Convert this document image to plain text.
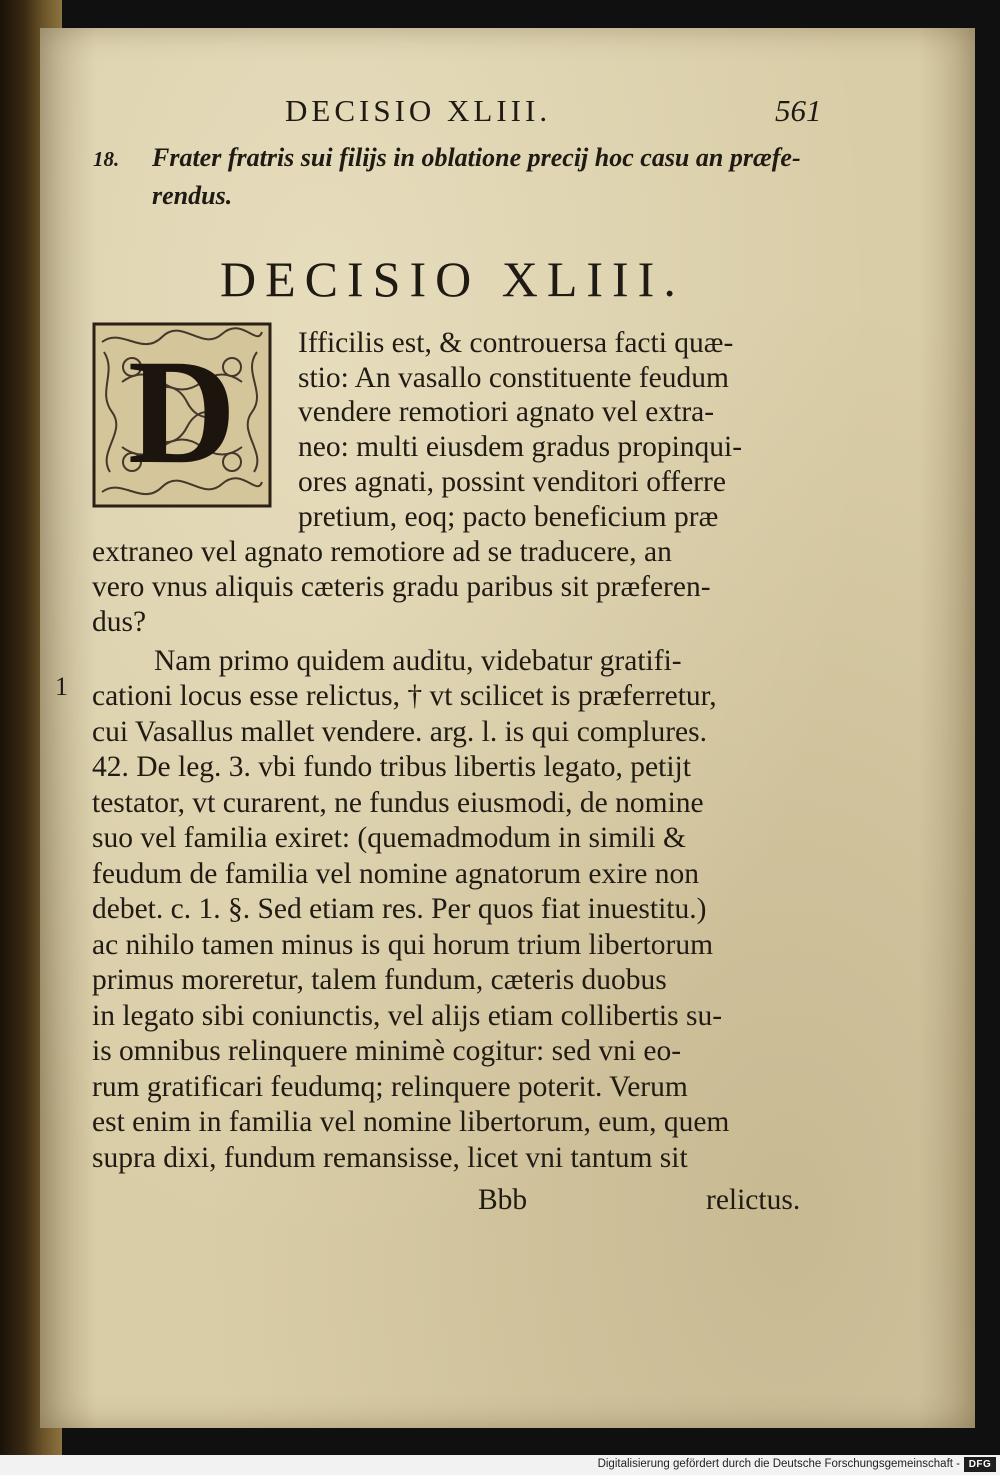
DECISIO XLIII.	561
18. Frater fratris sui filijs in oblatione precij hoc casu an præfe-
rendus.
DECISIO XLIII.
D
1
Ifficilis est, & controuersa facti quæ-
stio: An vasallo constituente feudum
vendere remotiori agnato vel extra-
neo: multi eiusdem gradus propinqui-
ores agnati, possint venditori offerre
pretium, eoq; pacto beneficium præ
extraneo vel agnato remotiore ad se traducere, an
vero vnus aliquis cæteris gradu paribus sit præferen-
dus?
Nam primo quidem auditu, videbatur gratifi-
cationi locus esse relictus, † vt scilicet is præferretur,
cui Vasallus mallet vendere. arg. l. is qui complures.
42. De leg. 3. vbi fundo tribus libertis legato, petijt
testator, vt curarent, ne fundus eiusmodi, de nomine
suo vel familia exiret: (quemadmodum in simili &
feudum de familia vel nomine agnatorum exire non
debet. c. 1. §. Sed etiam res. Per quos fiat inuestitu.)
ac nihilo tamen minus is qui horum trium libertorum
primus moreretur, talem fundum, cæteris duobus
in legato sibi coniunctis, vel alijs etiam collibertis su-
is omnibus relinquere minimè cogitur: sed vni eo-
rum gratificari feudumq; relinquere poterit. Verum
est enim in familia vel nomine libertorum, eum, quem
supra dixi, fundum remansisse, licet vni tantum sit
Bbb	relictus.
Digitalisierung gefördert durch die Deutsche Forschungsgemeinschaft - DFG
